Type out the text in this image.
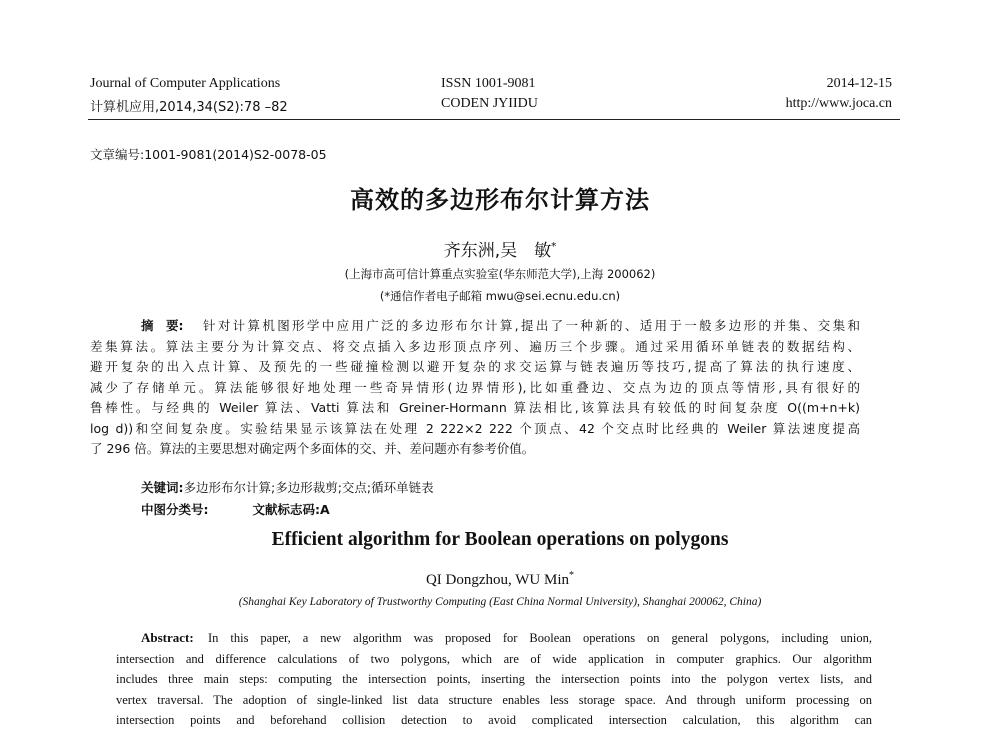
Journal of Computer Applications
计算机应用,2014,34(S2):78 –82
ISSN 1001-9081
CODEN JYIIDU
2014-12-15
http://www.joca.cn
文章编号:1001-9081(2014)S2-0078-05
高效的多边形布尔计算方法
齐东洲,吴　敏*
(上海市高可信计算重点实验室(华东师范大学),上海 200062)
(*通信作者电子邮箱 mwu@sei.ecnu.edu.cn)
摘　要:	针对计算机图形学中应用广泛的多边形布尔计算,提出了一种新的、适用于一般多边形的并集、交集和
差集算法。算法主要分为计算交点、将交点插入多边形顶点序列、遍历三个步骤。通过采用循环单链表的数据结构、
避开复杂的出入点计算、及预先的一些碰撞检测以避开复杂的求交运算与链表遍历等技巧,提高了算法的执行速度、
减少了存储单元。算法能够很好地处理一些奇异情形(边界情形),比如重叠边、交点为边的顶点等情形,具有很好的
鲁棒性。与经典的 Weiler 算法、Vatti 算法和 Greiner-Hormann 算法相比,该算法具有较低的时间复杂度 O((m+n+k)
log d))和空间复杂度。实验结果显示该算法在处理 2 222×2 222 个顶点、42 个交点时比经典的 Weiler 算法速度提高
了 296 倍。算法的主要思想对确定两个多面体的交、并、差问题亦有参考价值。
关键词:多边形布尔计算;多边形裁剪;交点;循环单链表
中图分类号:	文献标志码:A
Efficient algorithm for Boolean operations on polygons
QI Dongzhou, WU Min*
(Shanghai Key Laboratory of Trustworthy Computing (East China Normal University), Shanghai 200062, China)
Abstract:	In this paper, a new algorithm was proposed for Boolean operations on general polygons, including union,
intersection and difference calculations of two polygons, which are of wide application in computer graphics. Our algorithm
includes three main steps: computing the intersection points, inserting the intersection points into the polygon vertex lists, and
vertex traversal. The adoption of single-linked list data structure enables less storage space. And through uniform processing on
intersection points and beforehand collision detection to avoid complicated intersection calculation, this algorithm can
